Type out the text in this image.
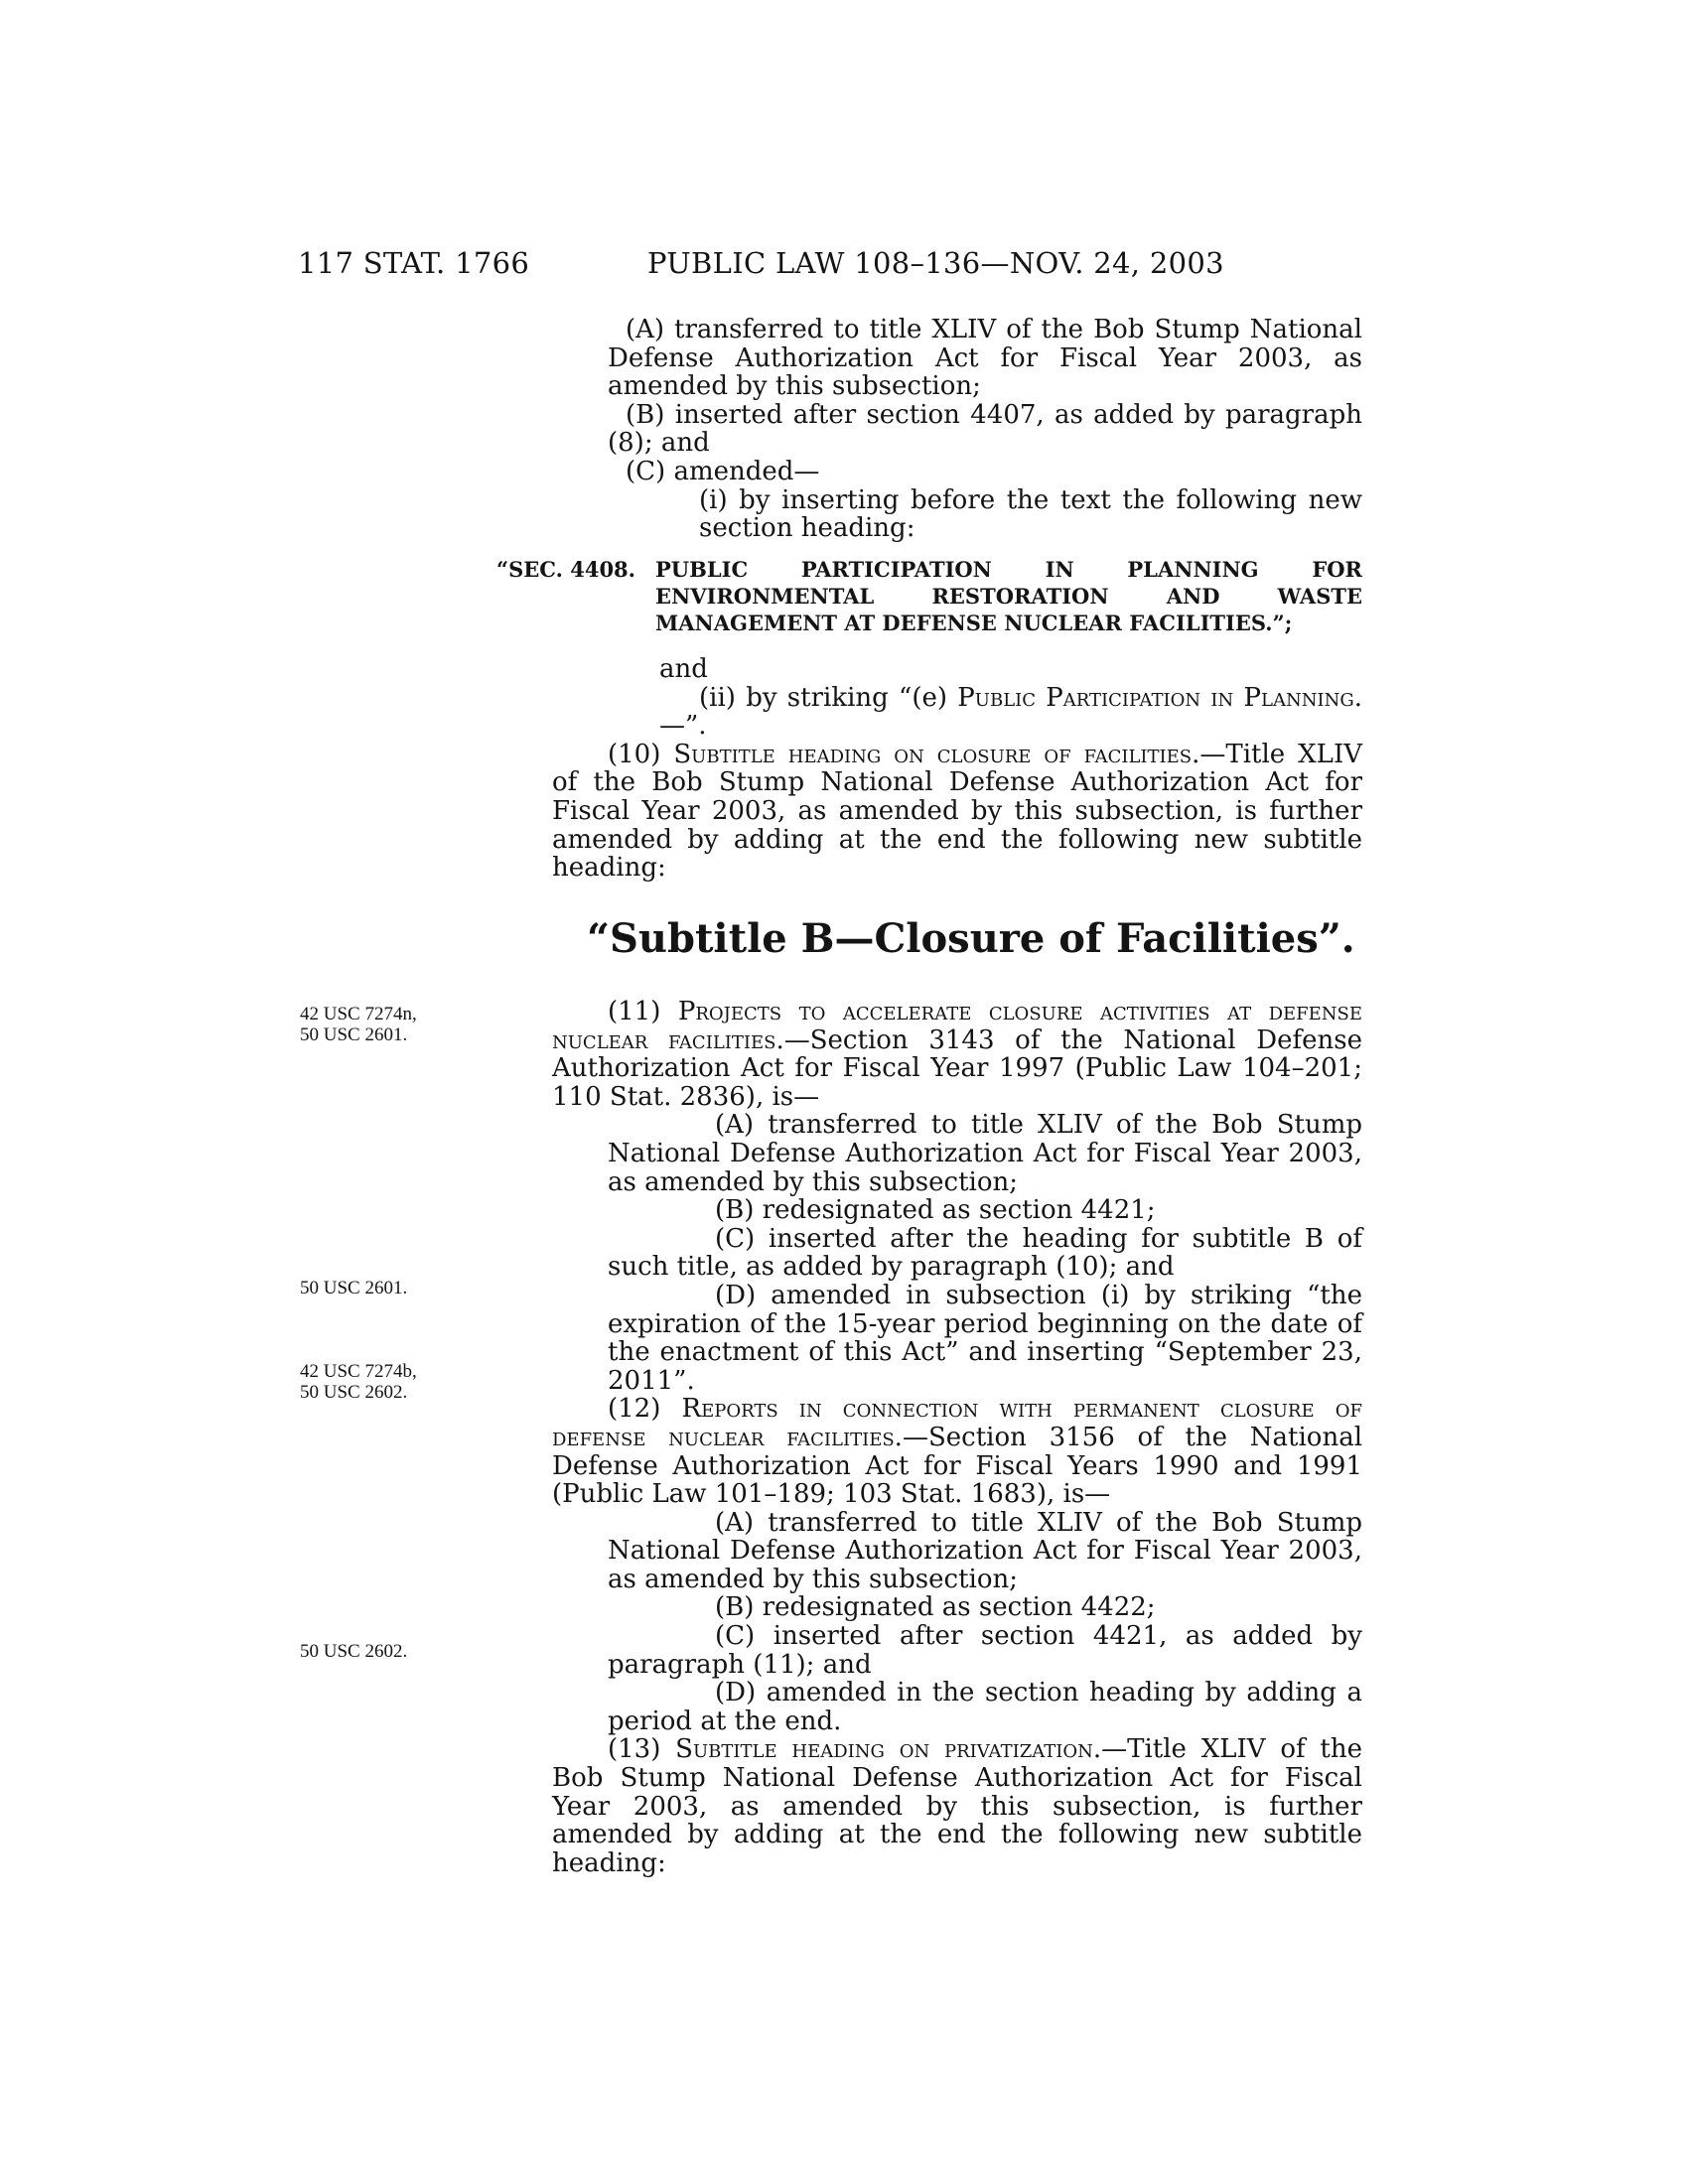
117 STAT. 1766	PUBLIC LAW 108–136—NOV. 24, 2003

(A) transferred to title XLIV of the Bob Stump National Defense Authorization Act for Fiscal Year 2003, as amended by this subsection;

(B) inserted after section 4407, as added by paragraph (8); and

(C) amended—

(i) by inserting before the text the following new section heading:

“SEC. 4408. PUBLIC PARTICIPATION IN PLANNING FOR ENVIRONMENTAL RESTORATION AND WASTE MANAGEMENT AT DEFENSE NUCLEAR FACILITIES.”;

and

(ii) by striking “(e) Public Participation in Planning.—”.

(10) Subtitle heading on closure of facilities.—Title XLIV of the Bob Stump National Defense Authorization Act for Fiscal Year 2003, as amended by this subsection, is further amended by adding at the end the following new subtitle heading:

“Subtitle B—Closure of Facilities”.
42 USC 7274n,
50 USC 2601.
50 USC 2601.
42 USC 7274b,
50 USC 2602.
50 USC 2602.

(11) Projects to accelerate closure activities at defense nuclear facilities.—Section 3143 of the National Defense Authorization Act for Fiscal Year 1997 (Public Law 104–201; 110 Stat. 2836), is—

(A) transferred to title XLIV of the Bob Stump National Defense Authorization Act for Fiscal Year 2003, as amended by this subsection;

(B) redesignated as section 4421;

(C) inserted after the heading for subtitle B of such title, as added by paragraph (10); and

(D) amended in subsection (i) by striking “the expiration of the 15-year period beginning on the date of the enactment of this Act” and inserting “September 23, 2011”.

(12) Reports in connection with permanent closure of defense nuclear facilities.—Section 3156 of the National Defense Authorization Act for Fiscal Years 1990 and 1991 (Public Law 101–189; 103 Stat. 1683), is—

(A) transferred to title XLIV of the Bob Stump National Defense Authorization Act for Fiscal Year 2003, as amended by this subsection;

(B) redesignated as section 4422;

(C) inserted after section 4421, as added by paragraph (11); and

(D) amended in the section heading by adding a period at the end.

(13) Subtitle heading on privatization.—Title XLIV of the Bob Stump National Defense Authorization Act for Fiscal Year 2003, as amended by this subsection, is further amended by adding at the end the following new subtitle heading:
